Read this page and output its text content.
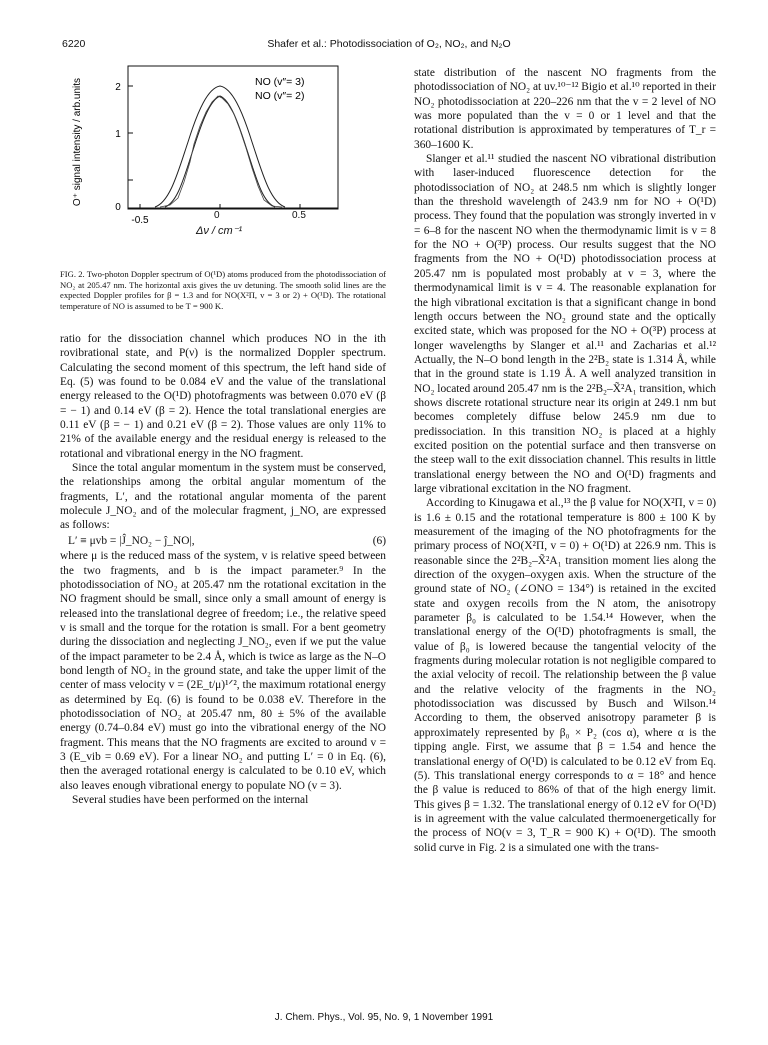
6220	Shafer et al.: Photodissociation of O₂, NO₂, and N₂O
O⁺ signal intensity / arb.units	2
1
0
-0.5
NO (v″= 3)
NO (v″= 2)
0	0.5
Δν / cm⁻¹
FIG. 2. Two-photon Doppler spectrum of O(¹D) atoms produced from the photodissociation of NO₂ at 205.47 nm. The horizontal axis gives the uv detuning. The smooth solid lines are the expected Doppler profiles for β = 1.3 and for NO(X²Π, v = 3 or 2) + O(¹D). The rotational temperature of NO is assumed to be T = 900 K.

ratio for the dissociation channel which produces NO in the ith rovibrational state, and P(ν) is the normalized Doppler spectrum. Calculating the second moment of this spectrum, the left hand side of Eq. (5) was found to be 0.084 eV and the value of the translational energy released to the O(¹D) photofragments was between 0.070 eV (β = − 1) and 0.14 eV (β = 2). Hence the total translational energies are 0.11 eV (β = − 1) and 0.21 eV (β = 2). Those values are only 11% to 21% of the available energy and the residual energy is released to the rotational and vibrational energy in the NO fragment.

Since the total angular momentum in the system must be conserved, the relationships among the orbital angular momentum of the fragments, L′, and the rotational angular momenta of the parent molecule J_NO₂ and of the molecular fragment, j_NO, are expressed as follows:

L′ ≡ μvb = |Ĵ_NO₂ − ĵ_NO|,	(6)

where μ is the reduced mass of the system, v is relative speed between the two fragments, and b is the impact parameter.⁹ In the photodissociation of NO₂ at 205.47 nm the rotational excitation in the NO fragment should be small, since only a small amount of energy is released into the translational degree of freedom; i.e., the relative speed v is small and the torque for the rotation is small. For a bent geometry during the dissociation and neglecting J_NO₂, even if we put the value of the impact parameter to be 2.4 Å, which is twice as large as the N–O bond length of NO₂ in the ground state, and take the upper limit of the center of mass velocity v = (2E_t/μ)¹ᐟ², the maximum rotational energy as determined by Eq. (6) is found to be 0.038 eV. Therefore in the photodissociation of NO₂ at 205.47 nm, 80 ± 5% of the available energy (0.74–0.84 eV) must go into the vibrational energy of the NO fragment. This means that the NO fragments are excited to around v = 3 (E_vib = 0.69 eV). For a linear NO₂ and putting L′ = 0 in Eq. (6), then the averaged rotational energy is calculated to be 0.10 eV, which also leaves enough vibrational energy to populate NO (v = 3).

Several studies have been performed on the internal

state distribution of the nascent NO fragments from the photodissociation of NO₂ at uv.¹⁰⁻¹² Bigio et al.¹⁰ reported in their NO₂ photodissociation at 220–226 nm that the v = 2 level of NO was more populated than the v = 0 or 1 level and that the rotational distribution is approximated by temperatures of T_r = 360–1600 K.

Slanger et al.¹¹ studied the nascent NO vibrational distribution with laser-induced fluorescence detection for the photodissociation of NO₂ at 248.5 nm which is slightly longer than the threshold wavelength of 243.9 nm for NO + O(¹D) process. They found that the population was strongly inverted in v = 6–8 for the nascent NO when the thermodynamic limit is v = 8 for the NO + O(³P) process. Our results suggest that the NO fragments from the NO + O(¹D) photodissociation process at 205.47 nm is populated most probably at v = 3, where the thermodynamical limit is v = 4. The reasonable explanation for the high vibrational excitation is that a significant change in bond length occurs between the NO₂ ground state and the optically excited state, which was proposed for the NO + O(³P) process at longer wavelengths by Slanger et al.¹¹ and Zacharias et al.¹² Actually, the N–O bond length in the 2²B₂ state is 1.314 Å, while that in the ground state is 1.19 Å. A well analyzed transition in NO₂ located around 205.47 nm is the 2²B₂–X̃²A₁ transition, which shows discrete rotational structure near its origin at 249.1 nm but becomes completely diffuse below 245.9 nm due to predissociation. In this transition NO₂ is placed at a highly excited position on the potential surface and then transverse on the steep wall to the exit dissociation channel. This results in little translational energy between the NO and O(¹D) fragments and large vibrational excitation in the NO fragment.

According to Kinugawa et al.,¹³ the β value for NO(X²Π, v = 0) is 1.6 ± 0.15 and the rotational temperature is 800 ± 100 K by measurement of the imaging of the NO photofragments for the primary process of NO(X²Π, v = 0) + O(¹D) at 226.9 nm. This is reasonable since the 2²B₂–X̃²A₁ transition moment lies along the direction of the oxygen–oxygen axis. When the structure of the ground state of NO₂ (∠ONO = 134°) is retained in the excited state and oxygen recoils from the N atom, the anisotropy parameter β₀ is calculated to be 1.54.¹⁴ However, when the translational energy of the O(¹D) photofragments is small, the value of β₀ is lowered because the tangential velocity of the fragments during molecular rotation is not negligible compared to the axial velocity of recoil. The relationship between the β value and the relative velocity of the fragments in the NO₂ photodissociation was discussed by Busch and Wilson.¹⁴ According to them, the observed anisotropy parameter β is approximately represented by β₀ × P₂ (cos α), where α is the tipping angle. First, we assume that β = 1.54 and hence the translational energy of O(¹D) is calculated to be 0.12 eV from Eq. (5). This translational energy corresponds to α = 18° and hence the β value is reduced to 86% of that of the high energy limit. This gives β = 1.32. The translational energy of 0.12 eV for O(¹D) is in agreement with the value calculated thermoenergetically for the process of NO(v = 3, T_R = 900 K) + O(¹D). The smooth solid curve in Fig. 2 is a simulated one with the trans-

J. Chem. Phys., Vol. 95, No. 9, 1 November 1991
